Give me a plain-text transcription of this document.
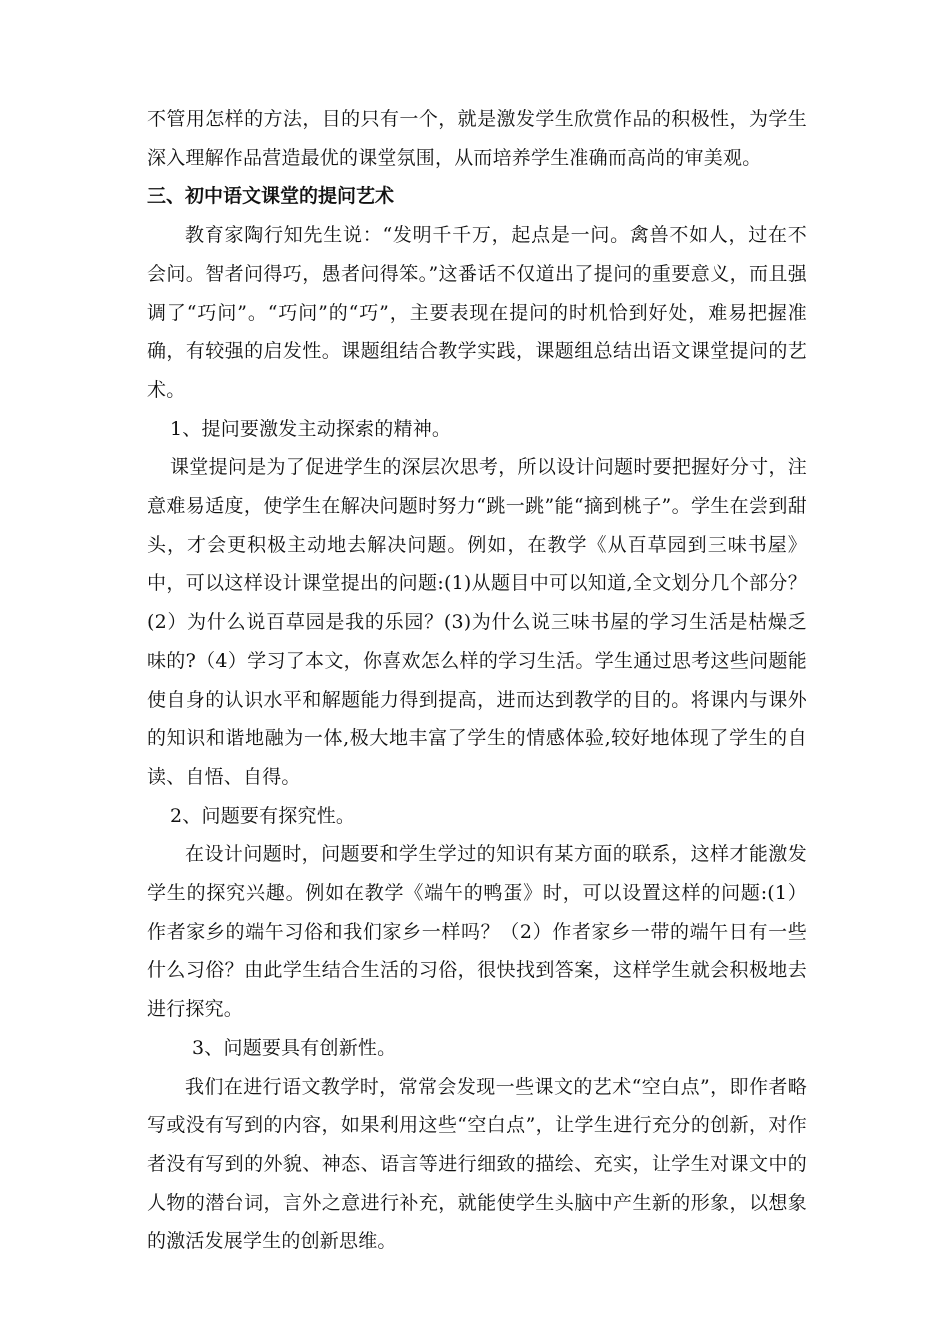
不管用怎样的方法，目的只有一个，就是激发学生欣赏作品的积极性，为学生深入理解作品营造最优的课堂氛围，从而培养学生准确而高尚的审美观。

三、初中语文课堂的提问艺术

教育家陶行知先生说：“发明千千万，起点是一问。禽兽不如人，过在不会问。智者问得巧，愚者问得笨。”这番话不仅道出了提问的重要意义，而且强调了“巧问”。“巧问”的“巧”，主要表现在提问的时机恰到好处，难易把握准确，有较强的启发性。课题组结合教学实践，课题组总结出语文课堂提问的艺术。

1、提问要激发主动探索的精神。

课堂提问是为了促进学生的深层次思考，所以设计问题时要把握好分寸，注意难易适度，使学生在解决问题时努力“跳一跳”能“摘到桃子”。学生在尝到甜头，才会更积极主动地去解决问题。例如，在教学《从百草园到三味书屋》中，可以这样设计课堂提出的问题:(1)从题目中可以知道,全文划分几个部分？(2）为什么说百草园是我的乐园？(3)为什么说三味书屋的学习生活是枯燥乏味的?（4）学习了本文，你喜欢怎么样的学习生活。学生通过思考这些问题能使自身的认识水平和解题能力得到提高，进而达到教学的目的。将课内与课外的知识和谐地融为一体,极大地丰富了学生的情感体验,较好地体现了学生的自读、自悟、自得。

2、问题要有探究性。

在设计问题时，问题要和学生学过的知识有某方面的联系，这样才能激发学生的探究兴趣。例如在教学《端午的鸭蛋》时，可以设置这样的问题:(1）作者家乡的端午习俗和我们家乡一样吗？（2）作者家乡一带的端午日有一些什么习俗？由此学生结合生活的习俗，很快找到答案，这样学生就会积极地去进行探究。

3、问题要具有创新性。

我们在进行语文教学时，常常会发现一些课文的艺术“空白点”，即作者略写或没有写到的内容，如果利用这些“空白点”，让学生进行充分的创新，对作者没有写到的外貌、神态、语言等进行细致的描绘、充实，让学生对课文中的人物的潜台词，言外之意进行补充，就能使学生头脑中产生新的形象，以想象的激活发展学生的创新思维。
